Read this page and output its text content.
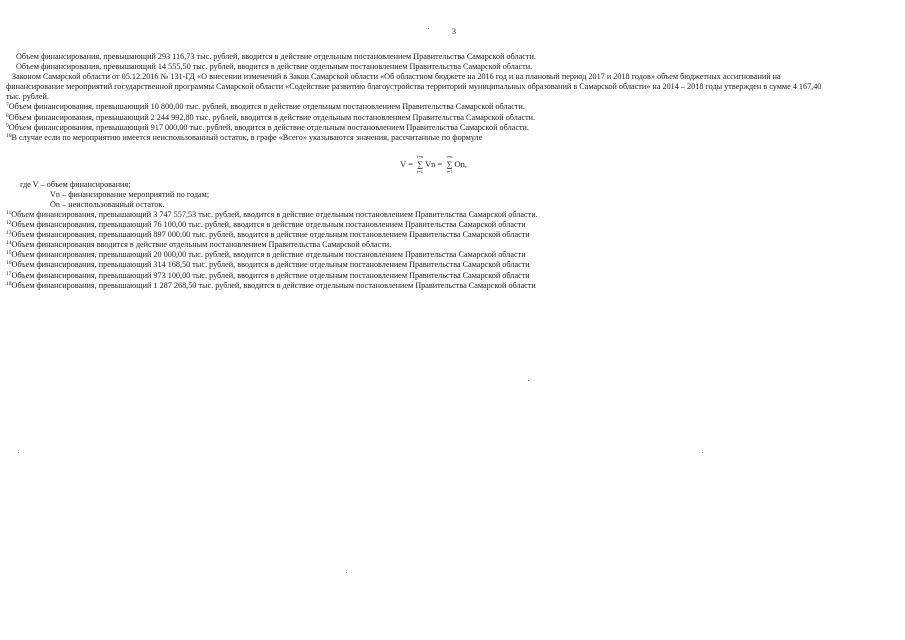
3
Объем финансирования, превышающий 293 116,73 тыс. рублей, вводится в действие отдельным постановлением Правительства Самарской области.
Объем финансирования, превышающий 14 555,50 тыс. рублей, вводится в действие отдельным постановлением Правительства Самарской области.
Законом Самарской области от 05.12.2016 № 131-ГД «О внесении изменений в Закон Самарской области «Об областном бюджете на 2016 год и на плановый период 2017 и 2018 годов» объем бюджетных ассигнований на финансирование мероприятий государственной программы Самарской области «Содействие развитию благоустройства территорий муниципальных образований в Самарской области» на 2014 – 2018 годы утвержден в сумме 4 167,40 тыс. рублей.
$^7$Объем финансирования, превышающий 10 800,00 тыс. рублей, вводится в действие отдельным постановлением Правительства Самарской области.
$^8$Объем финансирования, превышающий 2 244 992,80 тыс. рублей, вводится в действие отдельным постановлением Правительства Самарской области.
$^9$Объем финансирования, превышающий 917 000,00 тыс. рублей, вводится в действие отдельным постановлением Правительства Самарской области.
$^{10}$В случае если по мероприятию имеется неиспользованный остаток, в графе «Всего» указываются значения, рассчитанные по формуле
V = ∑
i=n
i=1
Vn = ∑
i=n
i=1
On,
где V – объем финансирования;
Vn – финансирование мероприятий по годам;
On – неиспользованный остаток.
$^{11}$Объем финансирования, превышающий 3 747 557,53 тыс. рублей, вводится в действие отдельным постановлением Правительства Самарской области.
$^{12}$Объем финансирования, превышающий 76 100,00 тыс. рублей, вводится в действие отдельным постановлением Правительства Самарской области
$^{13}$Объем финансирования, превышающий 897 000,00 тыс. рублей, вводится в действие отдельным постановлением Правительства Самарской области
$^{14}$Объем финансирования вводится в действие отдельным постановлением Правительства Самарской области.
$^{15}$Объем финансирования, превышающий 20 000,00 тыс. рублей, вводится в действие отдельным постановлением Правительства Самарской области
$^{16}$Объем финансирования, превышающий 314 168,50 тыс. рублей, вводится в действие отдельным постановлением Правительства Самарской области
$^{17}$Объем финансирования, превышающий 973 100,00 тыс. рублей, вводится в действие отдельным постановлением Правительства Самарской области
$^{18}$Объем финансирования, превышающий 1 287 268,50 тыс. рублей, вводится в действие отдельным постановлением Правительства Самарской области
